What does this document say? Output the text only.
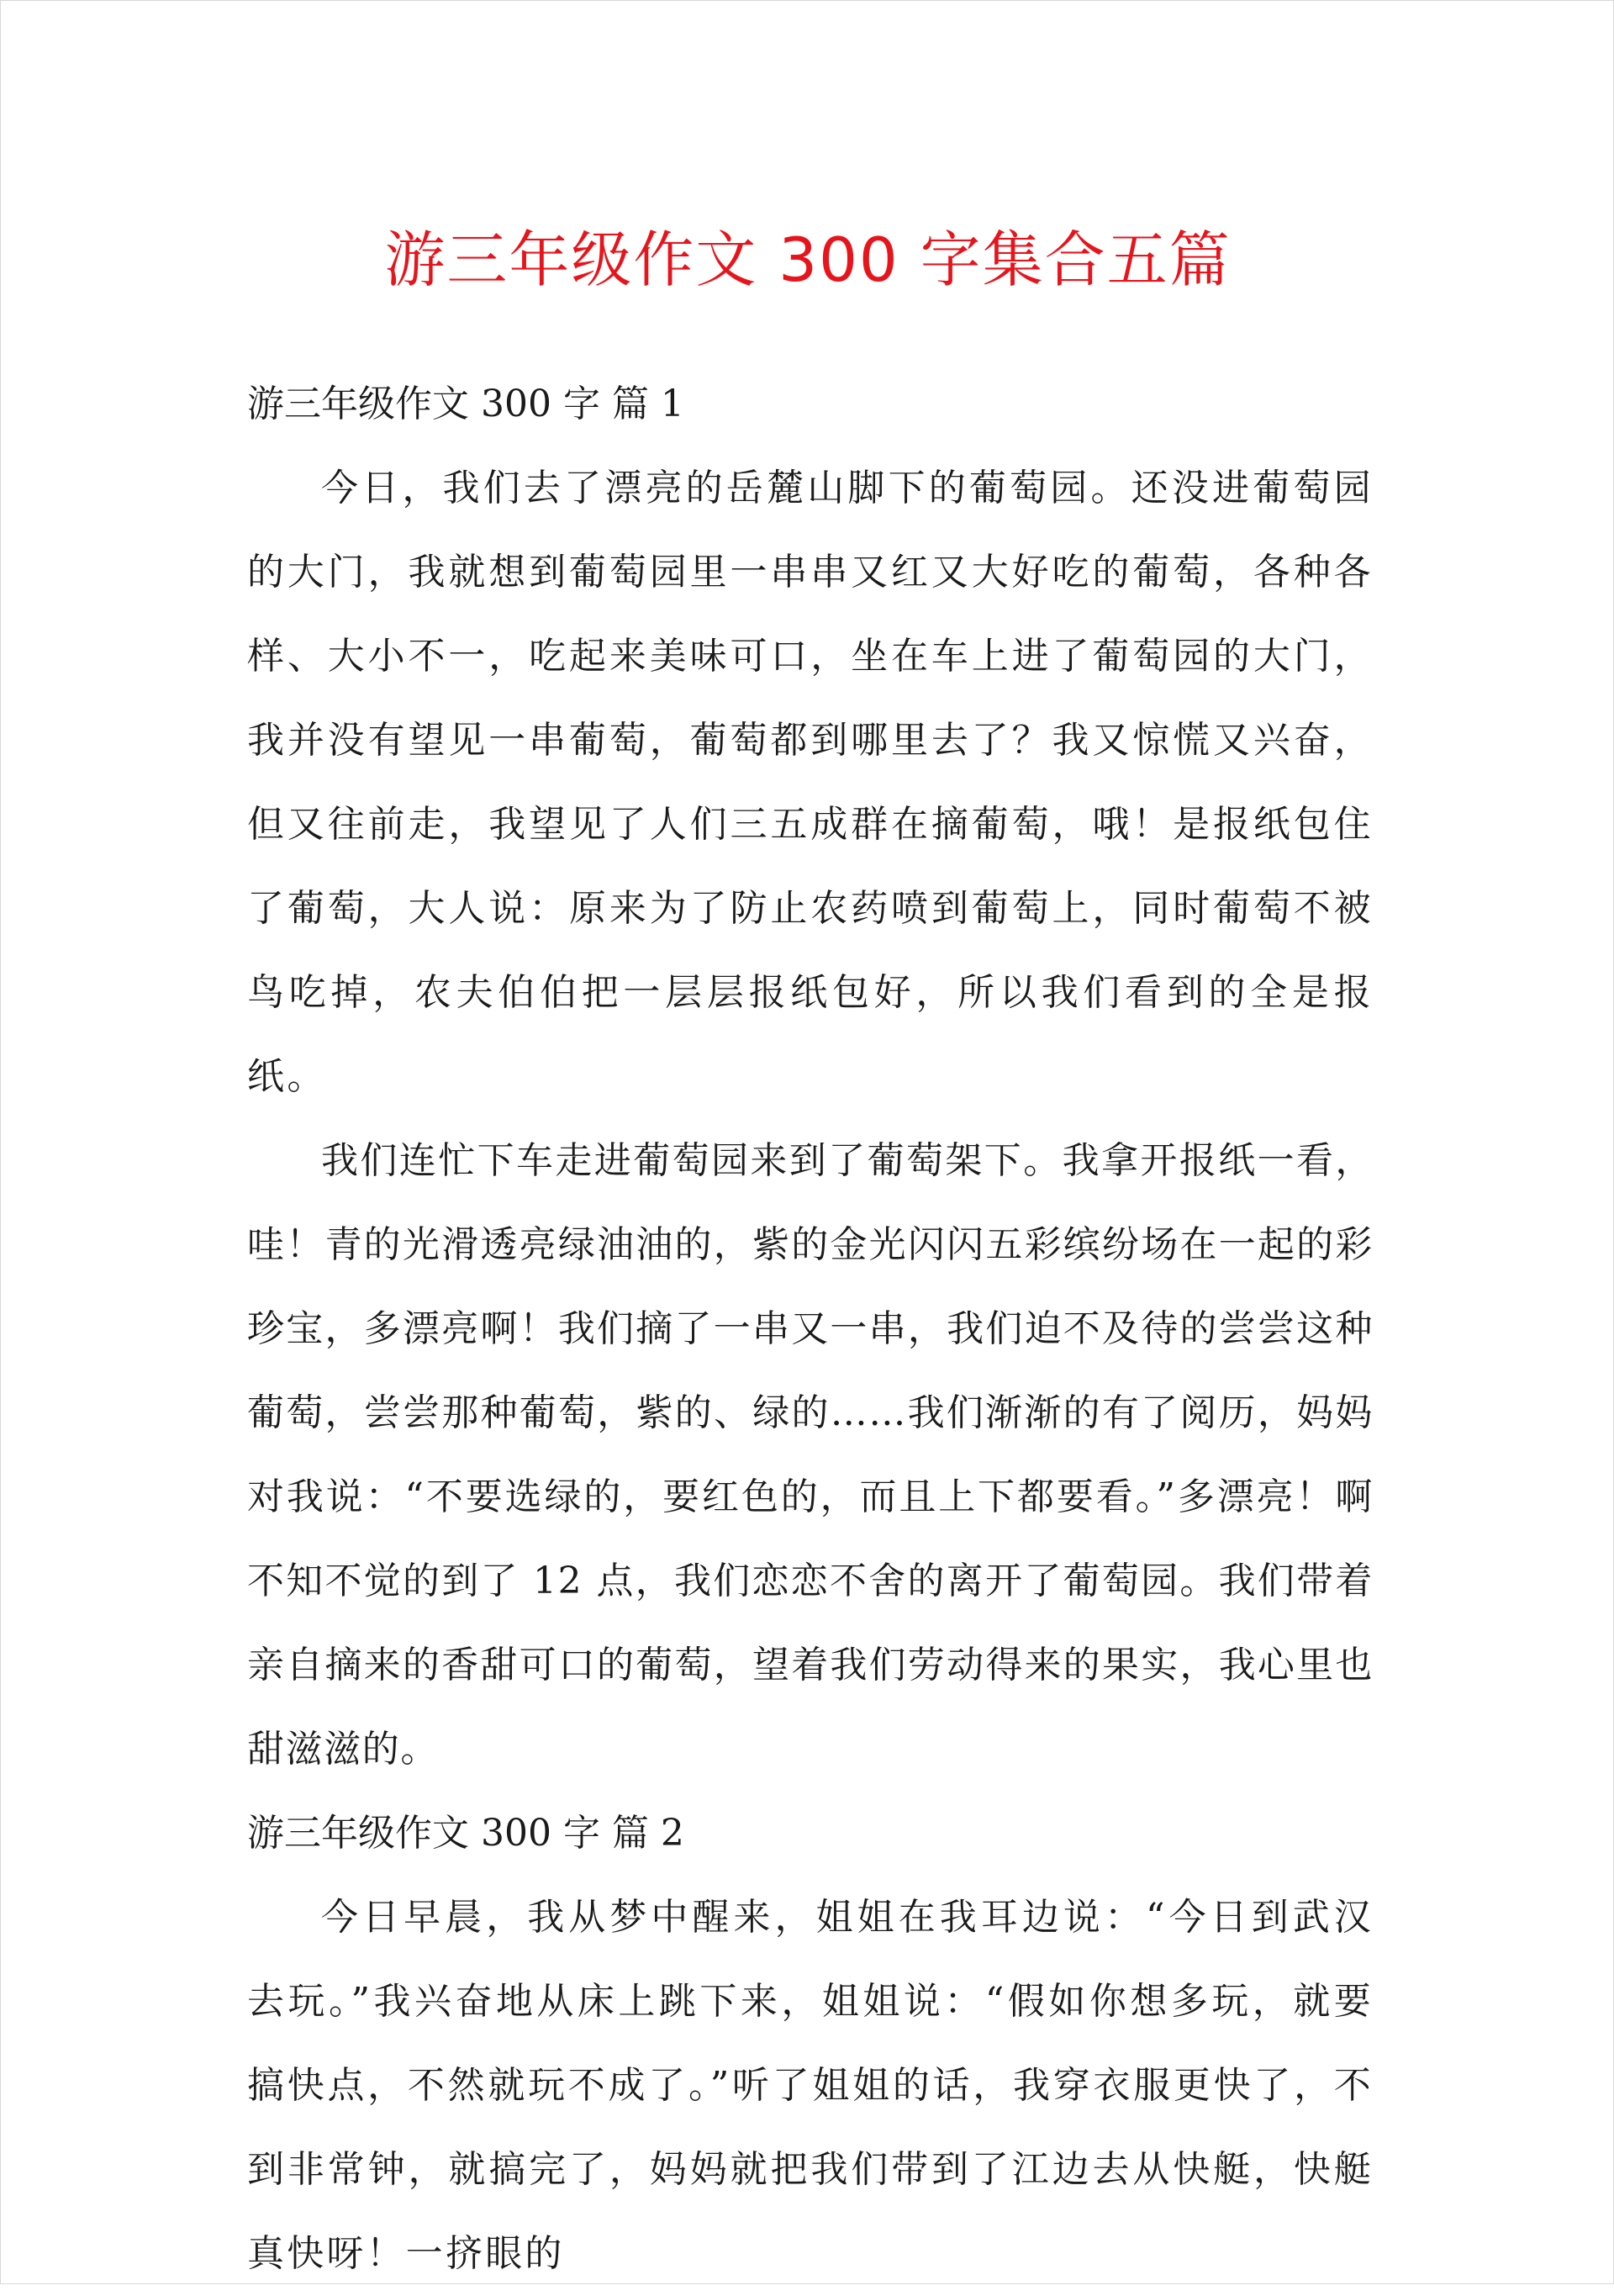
游三年级作文 300 字集合五篇

游三年级作文 300 字 篇 1

今日，我们去了漂亮的岳麓山脚下的葡萄园。还没进葡萄园的大门，我就想到葡萄园里一串串又红又大好吃的葡萄，各种各样、大小不一，吃起来美味可口，坐在车上进了葡萄园的大门，我并没有望见一串葡萄，葡萄都到哪里去了？我又惊慌又兴奋，但又往前走，我望见了人们三五成群在摘葡萄，哦！是报纸包住了葡萄，大人说：原来为了防止农药喷到葡萄上，同时葡萄不被鸟吃掉，农夫伯伯把一层层报纸包好，所以我们看到的全是报纸。

我们连忙下车走进葡萄园来到了葡萄架下。我拿开报纸一看，哇！青的光滑透亮绿油油的，紫的金光闪闪五彩缤纷场在一起的彩珍宝，多漂亮啊！我们摘了一串又一串，我们迫不及待的尝尝这种葡萄，尝尝那种葡萄，紫的、绿的……我们渐渐的有了阅历，妈妈对我说：“不要选绿的，要红色的，而且上下都要看。”多漂亮！啊不知不觉的到了 12 点，我们恋恋不舍的离开了葡萄园。我们带着亲自摘来的香甜可口的葡萄，望着我们劳动得来的果实，我心里也甜滋滋的。

游三年级作文 300 字 篇 2

今日早晨，我从梦中醒来，姐姐在我耳边说：“今日到武汉去玩。”我兴奋地从床上跳下来，姐姐说：“假如你想多玩，就要搞快点，不然就玩不成了。”听了姐姐的话，我穿衣服更快了，不到非常钟，就搞完了，妈妈就把我们带到了江边去从快艇，快艇真快呀！一挤眼的
